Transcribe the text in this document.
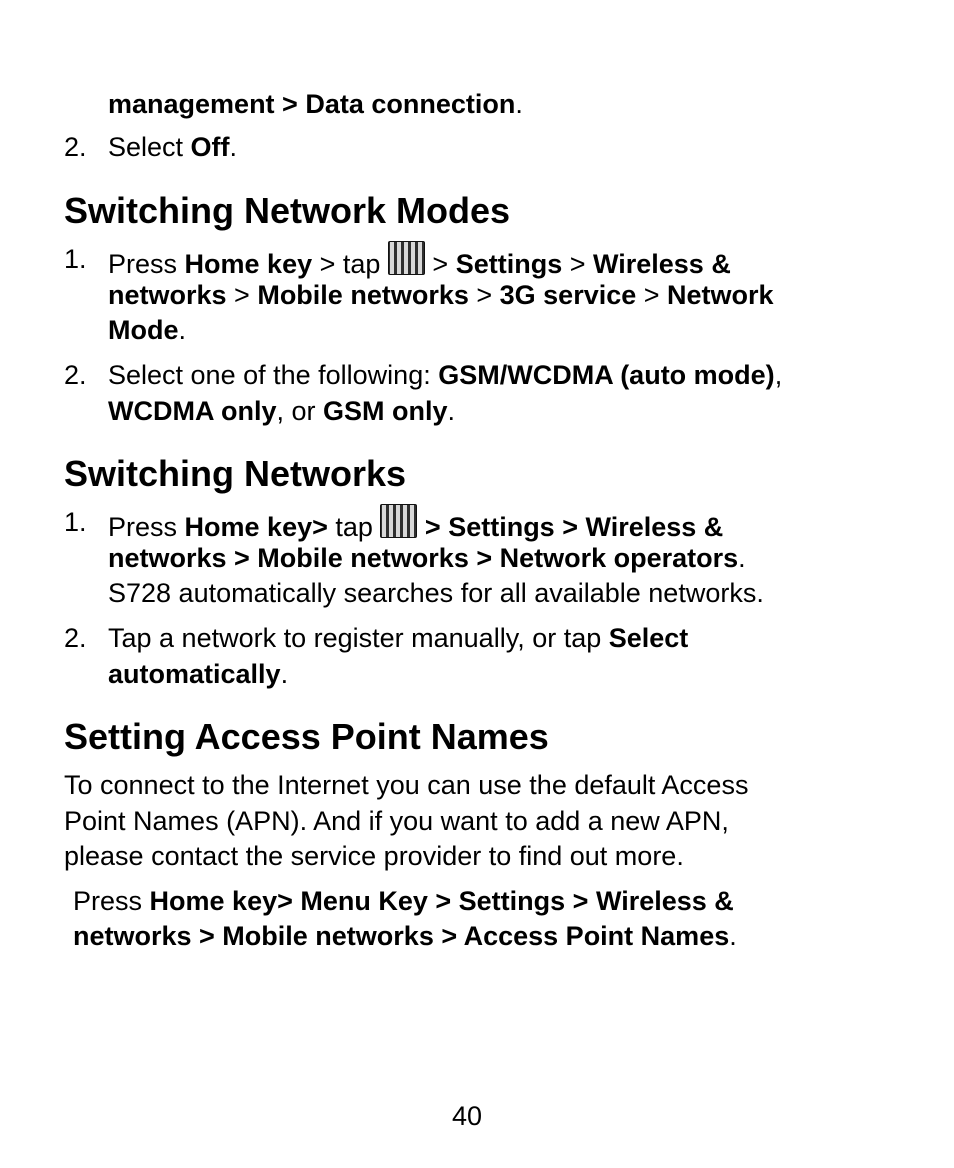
management > Data connection.
2. Select Off.
Switching Network Modes
1. Press Home key > tap  > Settings > Wireless &
networks > Mobile networks > 3G service > Network
Mode.
2. Select one of the following: GSM/WCDMA (auto mode),
WCDMA only, or GSM only.
Switching Networks
1. Press Home key> tap  > Settings > Wireless &
networks > Mobile networks > Network operators.
S728 automatically searches for all available networks.
2. Tap a network to register manually, or tap Select
automatically.
Setting Access Point Names
To connect to the Internet you can use the default Access
Point Names (APN). And if you want to add a new APN,
please contact the service provider to find out more.
Press Home key> Menu Key > Settings > Wireless &
networks > Mobile networks > Access Point Names.
40
